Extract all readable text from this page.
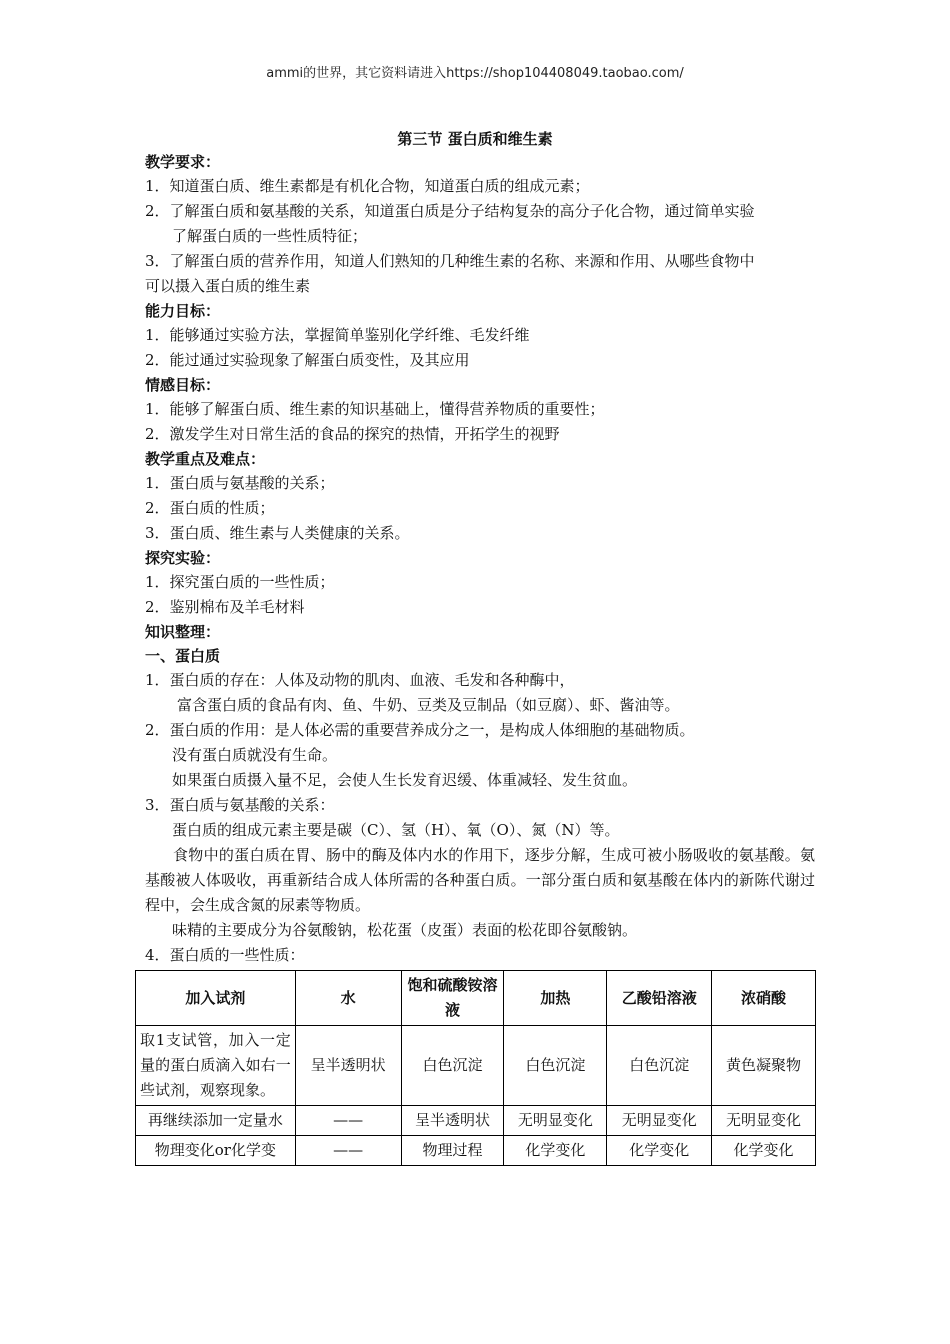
ammi的世界，其它资料请进入https://shop104408049.taobao.com/
第三节 蛋白质和维生素
教学要求：
1．知道蛋白质、维生素都是有机化合物，知道蛋白质的组成元素；
2．了解蛋白质和氨基酸的关系，知道蛋白质是分子结构复杂的高分子化合物，通过简单实验
了解蛋白质的一些性质特征；
3．了解蛋白质的营养作用，知道人们熟知的几种维生素的名称、来源和作用、从哪些食物中
可以摄入蛋白质的维生素
能力目标：
1．能够通过实验方法，掌握简单鉴别化学纤维、毛发纤维
2．能过通过实验现象了解蛋白质变性，及其应用
情感目标：
1．能够了解蛋白质、维生素的知识基础上，懂得营养物质的重要性；
2．激发学生对日常生活的食品的探究的热情，开拓学生的视野
教学重点及难点：
1．蛋白质与氨基酸的关系；
2．蛋白质的性质；
3．蛋白质、维生素与人类健康的关系。
探究实验：
1．探究蛋白质的一些性质；
2．鉴别棉布及羊毛材料
知识整理：
一、蛋白质
1．蛋白质的存在：人体及动物的肌肉、血液、毛发和各种酶中，
富含蛋白质的食品有肉、鱼、牛奶、豆类及豆制品（如豆腐）、虾、酱油等。
2．蛋白质的作用：是人体必需的重要营养成分之一，是构成人体细胞的基础物质。
没有蛋白质就没有生命。
如果蛋白质摄入量不足，会使人生长发育迟缓、体重减轻、发生贫血。
3．蛋白质与氨基酸的关系：
蛋白质的组成元素主要是碳（C）、氢（H）、氧（O）、氮（N）等。
食物中的蛋白质在胃、肠中的酶及体内水的作用下，逐步分解，生成可被小肠吸收的氨基酸。氨基酸被人体吸收，再重新结合成人体所需的各种蛋白质。一部分蛋白质和氨基酸在体内的新陈代谢过程中，会生成含氮的尿素等物质。
味精的主要成分为谷氨酸钠，松花蛋（皮蛋）表面的松花即谷氨酸钠。
4．蛋白质的一些性质：
加入试剂	水	饱和硫酸铵溶液	加热	乙酸铅溶液	浓硝酸
取1支试管，加入一定量的蛋白质滴入如右一些试剂，观察现象。	呈半透明状	白色沉淀	白色沉淀	白色沉淀	黄色凝聚物
再继续添加一定量水	——	呈半透明状	无明显变化	无明显变化	无明显变化
物理变化or化学变	——	物理过程	化学变化	化学变化	化学变化
